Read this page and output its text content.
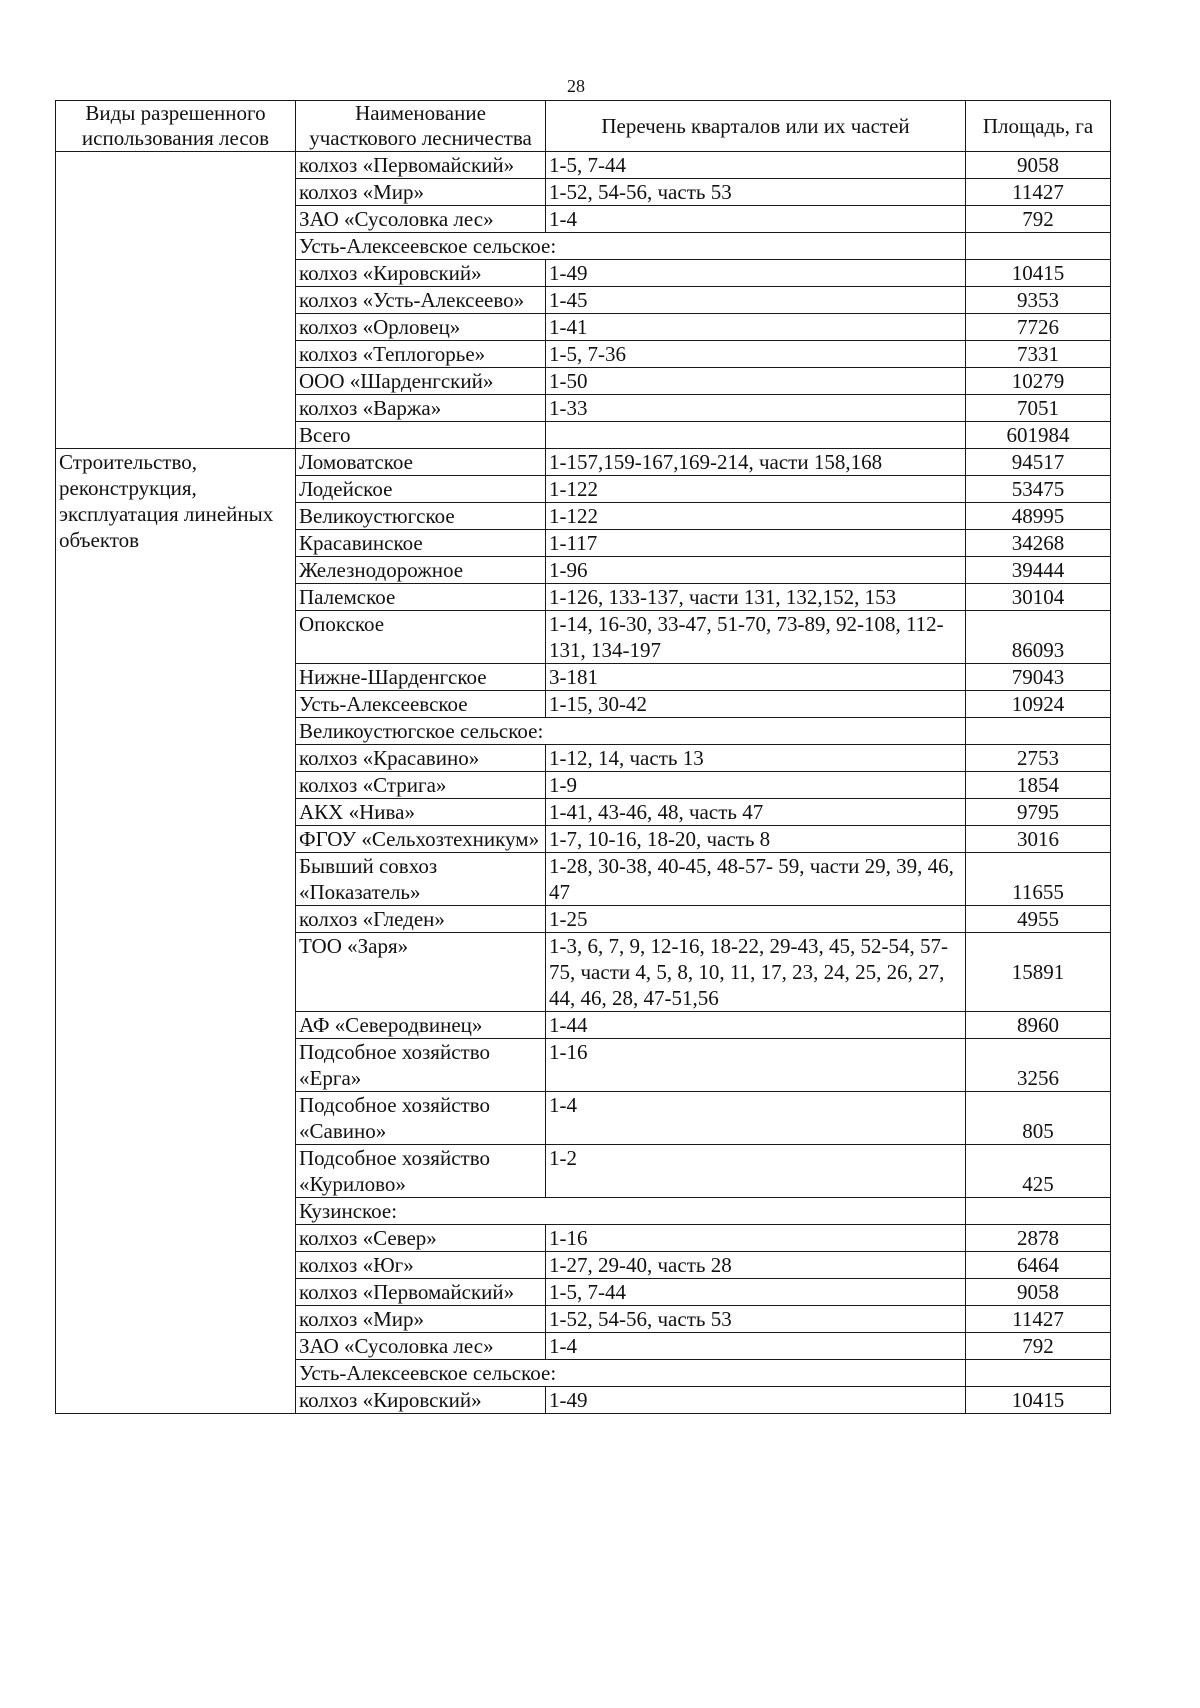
28
Виды разрешенного использования лесов	Наименование участкового лесничества	Перечень кварталов или их частей	Площадь, га
	колхоз «Первомайский»	1-5, 7-44	9058
	колхоз «Мир»	1-52, 54-56, часть 53	11427
	ЗАО «Сусоловка лес»	1-4	792
	Усть-Алексеевское сельское:		
	колхоз «Кировский»	1-49	10415
	колхоз «Усть-Алексеево»	1-45	9353
	колхоз «Орловец»	1-41	7726
	колхоз «Теплогорье»	1-5, 7-36	7331
	ООО «Шарденгский»	1-50	10279
	колхоз «Варжа»	1-33	7051
	Всего		601984
Строительство, реконструкция, эксплуатация линейных объектов	Ломоватское	1-157,159-167,169-214, части 158,168	94517
	Лодейское	1-122	53475
	Великоустюгское	1-122	48995
	Красавинское	1-117	34268
	Железнодорожное	1-96	39444
	Палемское	1-126, 133-137, части 131, 132,152, 153	30104
	Опокское	1-14, 16-30, 33-47, 51-70, 73-89, 92-108, 112-131, 134-197	86093
	Нижне-Шарденгское	3-181	79043
	Усть-Алексеевское	1-15, 30-42	10924
	Великоустюгское сельское:		
	колхоз «Красавино»	1-12, 14, часть 13	2753
	колхоз «Стрига»	1-9	1854
	АКХ «Нива»	1-41, 43-46, 48, часть 47	9795
	ФГОУ «Сельхозтехникум»	1-7, 10-16, 18-20, часть 8	3016
	Бывший совхоз «Показатель»	1-28, 30-38, 40-45, 48-57- 59, части 29, 39, 46, 47	11655
	колхоз «Гледен»	1-25	4955
	ТОО «Заря»	1-3, 6, 7, 9, 12-16, 18-22, 29-43, 45, 52-54, 57-75, части 4, 5, 8, 10, 11, 17, 23, 24, 25, 26, 27, 44, 46, 28, 47-51,56	15891
	АФ «Северодвинец»	1-44	8960
	Подсобное хозяйство «Ерга»	1-16	3256
	Подсобное хозяйство «Савино»	1-4	805
	Подсобное хозяйство «Курилово»	1-2	425
	Кузинское:		
	колхоз «Север»	1-16	2878
	колхоз «Юг»	1-27, 29-40, часть 28	6464
	колхоз «Первомайский»	1-5, 7-44	9058
	колхоз «Мир»	1-52, 54-56, часть 53	11427
	ЗАО «Сусоловка лес»	1-4	792
	Усть-Алексеевское сельское:		
	колхоз «Кировский»	1-49	10415
